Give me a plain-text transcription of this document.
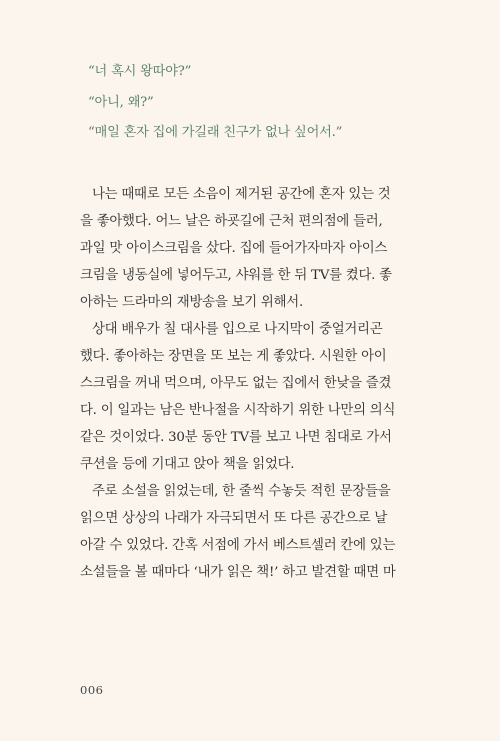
“너 혹시 왕따야?”

“아니, 왜?”

“매일 혼자 집에 가길래 친구가 없나 싶어서.”

나는 때때로 모든 소음이 제거된 공간에 혼자 있는 것

을 좋아했다. 어느 날은 하굣길에 근처 편의점에 들러,

과일 맛 아이스크림을 샀다. 집에 들어가자마자 아이스

크림을 냉동실에 넣어두고, 샤워를 한 뒤 TV를 켰다. 좋

아하는 드라마의 재방송을 보기 위해서.

상대 배우가 칠 대사를 입으로 나지막이 중얼거리곤

했다. 좋아하는 장면을 또 보는 게 좋았다. 시원한 아이

스크림을 꺼내 먹으며, 아무도 없는 집에서 한낮을 즐겼

다. 이 일과는 남은 반나절을 시작하기 위한 나만의 의식

같은 것이었다. 30분 동안 TV를 보고 나면 침대로 가서

쿠션을 등에 기대고 앉아 책을 읽었다.

주로 소설을 읽었는데, 한 줄씩 수놓듯 적힌 문장들을

읽으면 상상의 나래가 자극되면서 또 다른 공간으로 날

아갈 수 있었다. 간혹 서점에 가서 베스트셀러 칸에 있는

소설들을 볼 때마다 ‘내가 읽은 책!’ 하고 발견할 때면 마

006
